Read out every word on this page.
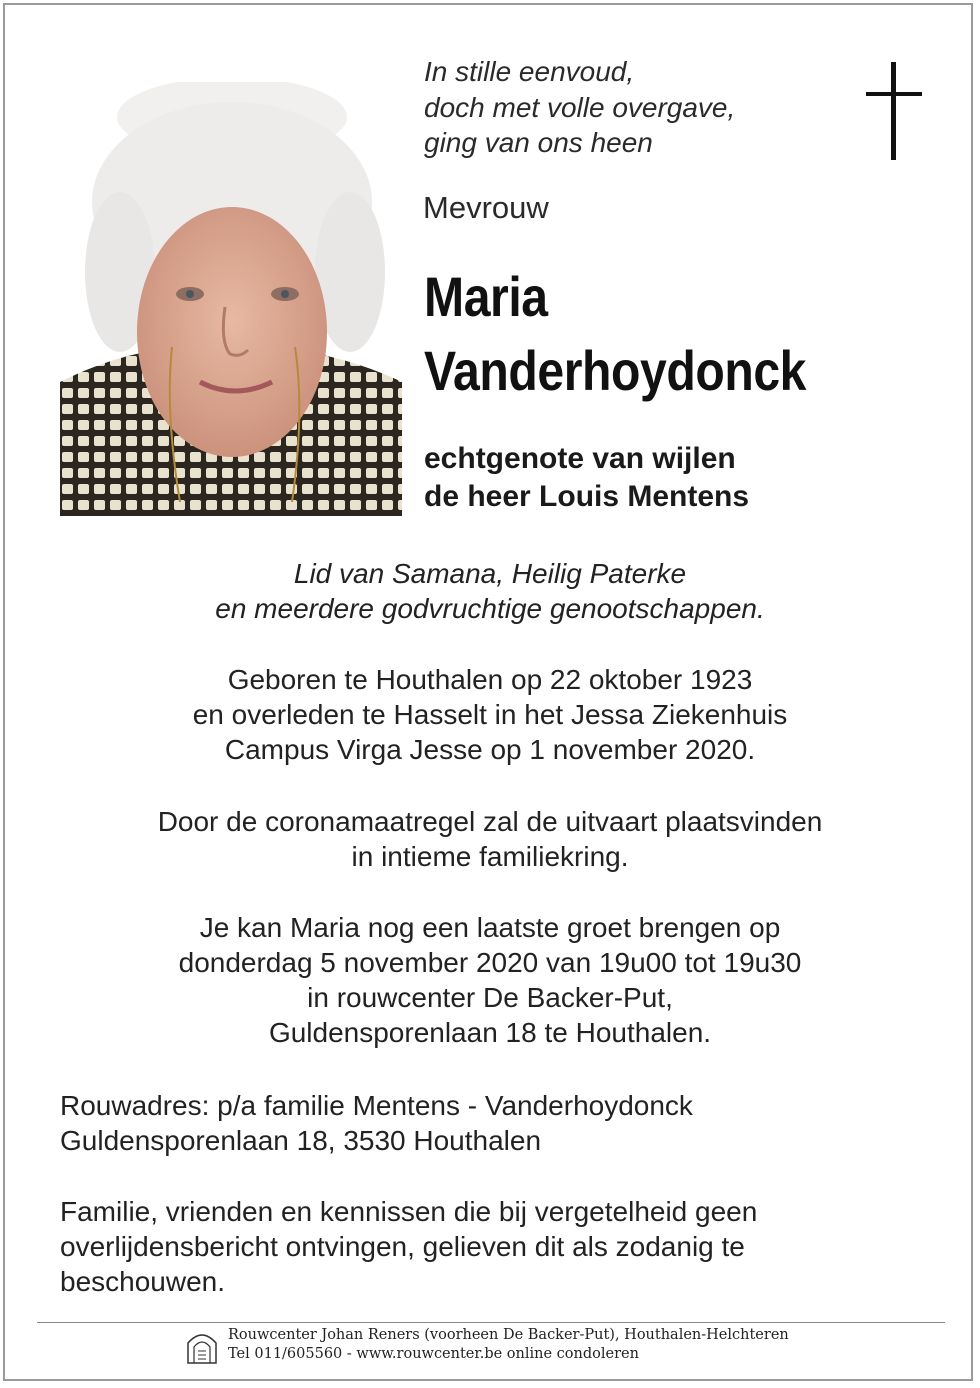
In stille eenvoud,
doch met volle overgave,
ging van ons heen
Mevrouw
Maria
Vanderhoydonck
echtgenote van wijlen
de heer Louis Mentens
Lid van Samana, Heilig Paterke
en meerdere godvruchtige genootschappen.
Geboren te Houthalen op 22 oktober 1923
en overleden te Hasselt in het Jessa Ziekenhuis
Campus Virga Jesse op 1 november 2020.
Door de coronamaatregel zal de uitvaart plaatsvinden
in intieme familiekring.
Je kan Maria nog een laatste groet brengen op
donderdag 5 november 2020 van 19u00 tot 19u30
in rouwcenter De Backer-Put,
Guldensporenlaan 18 te Houthalen.
Rouwadres: p/a familie Mentens - Vanderhoydonck
Guldensporenlaan 18, 3530 Houthalen
Familie, vrienden en kennissen die bij vergetelheid geen
overlijdensbericht ontvingen, gelieven dit als zodanig te
beschouwen.
Rouwcenter Johan Reners (voorheen De Backer-Put), Houthalen-Helchteren
Tel 011/605560 - www.rouwcenter.be online condoleren
